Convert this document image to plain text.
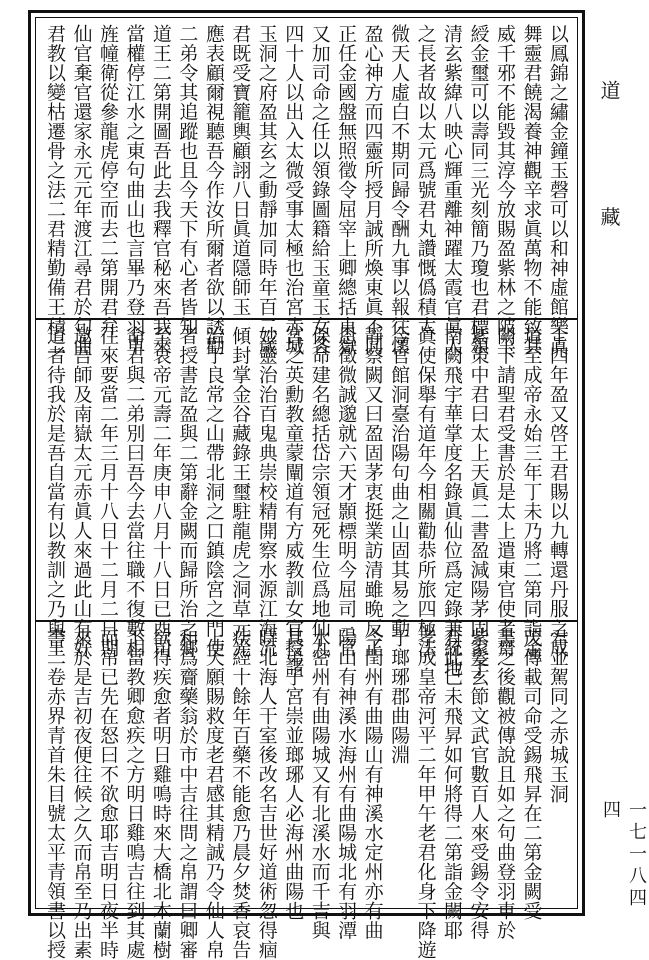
以鳳錦之繡金鐘玉磬可以和神虛館樂眞
舞靈君饒渴養神觀辛求眞萬物不能致其
威千邪不能毀其淳今放賜盈紫林之陂玉
綬金璽可以壽同三光刻簡乃瓊也君標領
清玄紫緯八映心輝重離神躍太霞官眞人
之長者故以太元爲號君丸讚慨僞積太
微天人虛白不期同歸令酬九事以報往懷
盈心神方而四靈所授月誠所煥東眞不同
正任金國盤無照徵令屈宰上卿總括東嶽
又加司命之任以領錄圖籍給玉童玉女各
四十人以出入太微受事太極也治宮赤城
玉洞之府盈其玄之動靜加同時年百二歲
君既受寶籠輿顧詡八日眞道隱師玉
應表顧爾視聽吾今作汝所爾者欲以誘勸
二弟令其追蹤也且今天下有心者皆知
道王二第開圖吾此去我釋官秘來吾我來
當權停江水之東句曲山也言畢乃登羽車
旌幢衛從參龍虎停空而去二第開君弁
仙官棄官還家永元元年渡江尋君於句曲
君教以變枯遷骨之法二君精勤備王積二
十四年盈又啓王君賜以九轉還丹服之成
道至成帝永始三年丁未乃將二第同詣金
闕下請聖君受書於是太上遣東官使者齋
紫策中君曰太上天眞二書盈減陽茅固家于
南闕飛宇華掌度名錄眞仙位爲定錄兼統地
眞使保舉有道年今相關勸恭所旅四極法
今官館洞臺治陽句曲之山固其易之動
靜察闕又曰盈固茅衷挺業訪清雖晩反正
恩徵微誠邈就六天才顥標明今屈司三官
保命建名總括岱宗領冠死生位爲地仙九
宮之英勳教童蒙闡道有方威教訓女官授諸
妙靈治治百鬼典崇校精開察水源江海流
傾封掌金谷藏錄王璽駐龍虎之洞草元光
治于良常之山帶北洞之口鎮陰宮之門使
者授書訖盈與二第辭金闕而歸所治之鄉
至哀帝元壽二年庚申八月十八日已酉司
命君與二弟別曰吾今去當往職不復數相
往來要當二年三月十八日十二月二日期
邀吾師及南嶽太元赤眞人來過此山有好
道者待我於是吾自當有以教訓之乃與王
君並駕同之赤城玉洞
茂傳載司命受錫飛昇在二第金闕受
書之後觀被傳說且如之句曲登羽車於
紫髮玄節文武官數百人來受錫令安得
有此巳未飛昇如何將得二第詣金闕耶
孝成皇帝河平二年甲午老君化身下降遊
于瑯琊郡曲陽淵
今閏州有曲陽山有神溪水定州亦有曲
陽山有神溪水海州有曲陽城北有羽潭
水密州有曲陽城又有北溪水而千吉與
其弟子宮崇並瑯琊人必海州曲陽也
時北海人干室後改名吉世好道術忽得痼
疾經十餘年百藥不能愈乃晨夕焚香哀告
上天願賜救度老君感其精誠乃令仙人帛
和爲齎藥翁於市中吉往問之帛謂曰卿審
欲得疾愈者明日雞鳴時來大橋北木蘭樹
下當教卿愈疾之方明日雞鳴吉往到其處
而帛已先在怒曰不欲愈耶吉明日夜半時
來於是吉初夜便往候之久而帛至乃出素
書二卷赤界青首朱目號太平青領書以授
道 藏
一七一八四四
